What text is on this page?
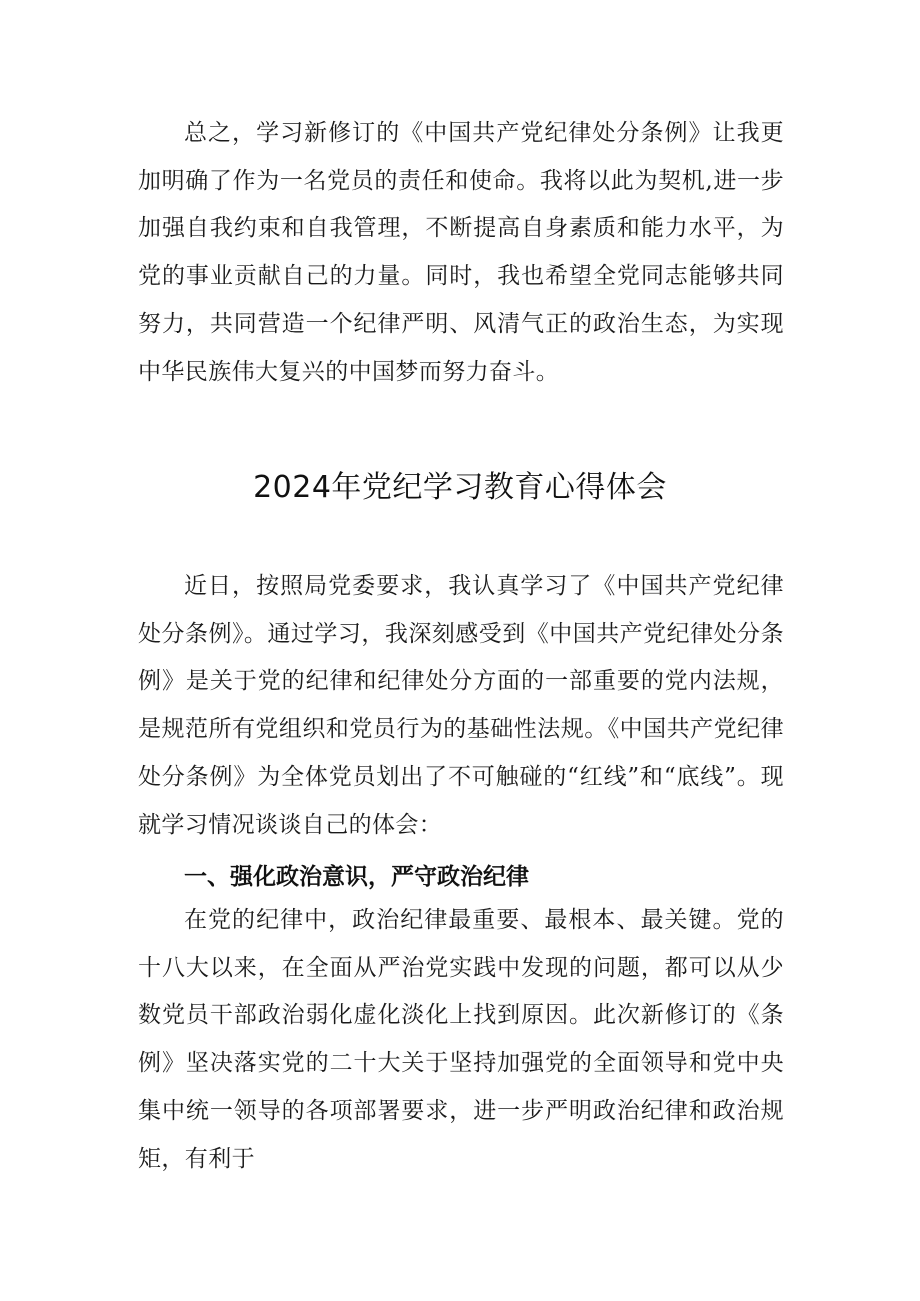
总之，学习新修订的《中国共产党纪律处分条例》让我更加明确了作为一名党员的责任和使命。我将以此为契机,进一步加强自我约束和自我管理，不断提高自身素质和能力水平，为党的事业贡献自己的力量。同时，我也希望全党同志能够共同努力，共同营造一个纪律严明、风清气正的政治生态，为实现中华民族伟大复兴的中国梦而努力奋斗。

2024年党纪学习教育心得体会

近日，按照局党委要求，我认真学习了《中国共产党纪律处分条例》。通过学习，我深刻感受到《中国共产党纪律处分条例》是关于党的纪律和纪律处分方面的一部重要的党内法规，是规范所有党组织和党员行为的基础性法规。《中国共产党纪律处分条例》为全体党员划出了不可触碰的“红线”和“底线”。现就学习情况谈谈自己的体会：

一、强化政治意识，严守政治纪律

在党的纪律中，政治纪律最重要、最根本、最关键。党的十八大以来，在全面从严治党实践中发现的问题，都可以从少数党员干部政治弱化虚化淡化上找到原因。此次新修订的《条例》坚决落实党的二十大关于坚持加强党的全面领导和党中央集中统一领导的各项部署要求，进一步严明政治纪律和政治规矩，有利于
